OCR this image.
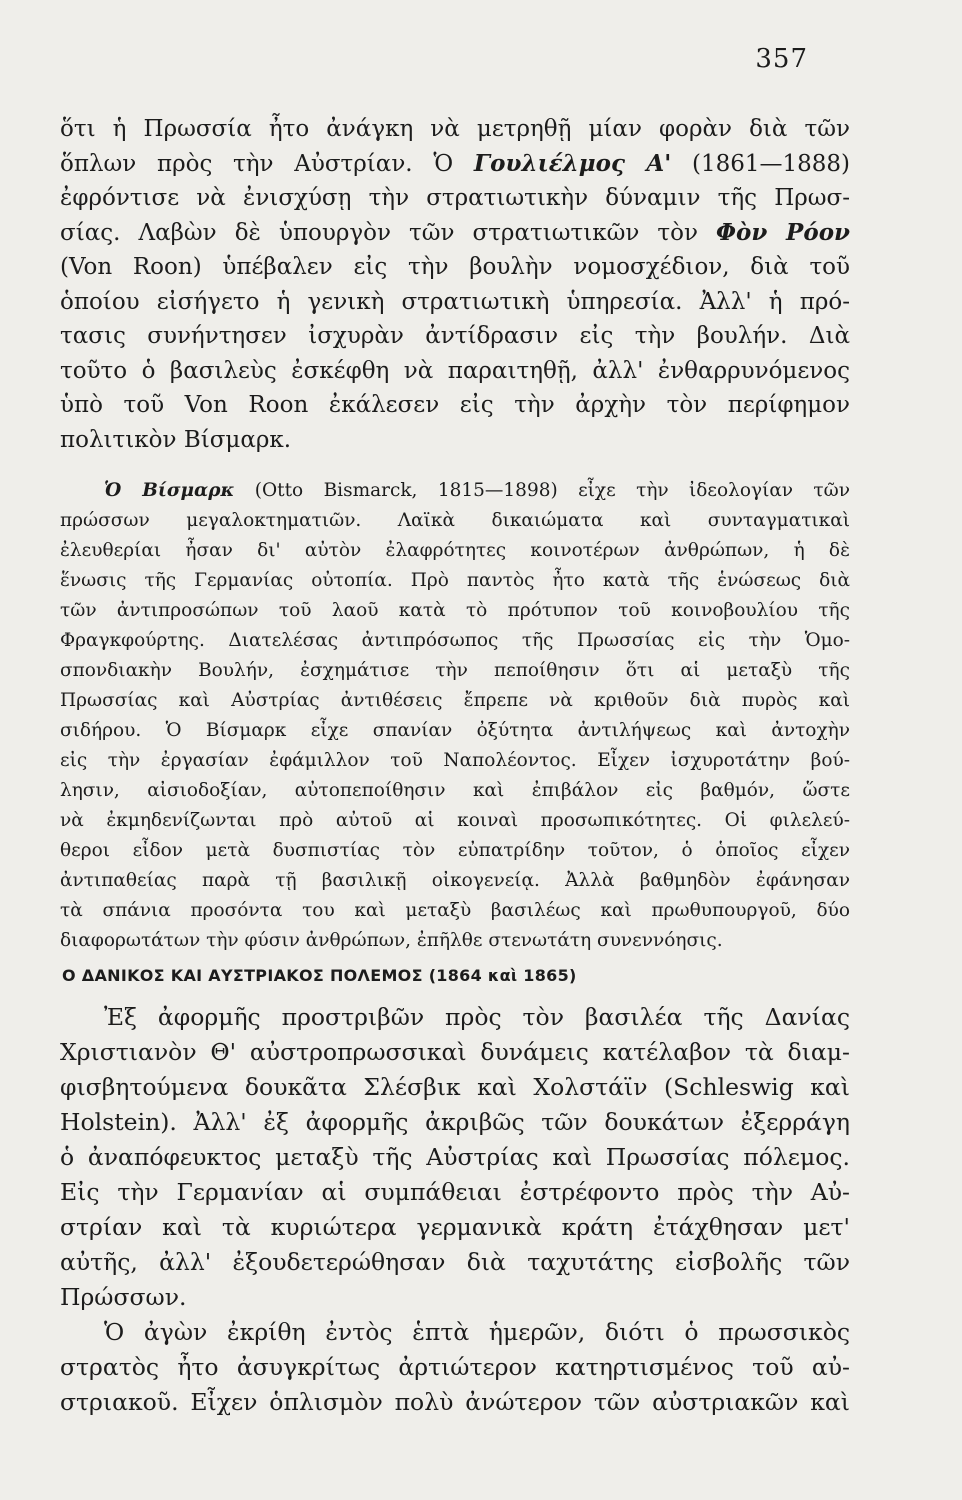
357
ὅτι ἡ Πρωσσία ἦτο ἀνάγκη νὰ μετρηθῇ μίαν φορὰν διὰ τῶν
ὅπλων πρὸς τὴν Αὐστρίαν. Ὁ Γουλιέλμος Α' (1861—1888)
ἐφρόντισε νὰ ἐνισχύσῃ τὴν στρατιωτικὴν δύναμιν τῆς Πρωσ-
σίας. Λαβὼν δὲ ὑπουργὸν τῶν στρατιωτικῶν τὸν Φὸν Ρόον
(Von Roon) ὑπέβαλεν εἰς τὴν βουλὴν νομοσχέδιον, διὰ τοῦ
ὁποίου εἰσήγετο ἡ γενικὴ στρατιωτικὴ ὑπηρεσία. Ἀλλ' ἡ πρό-
τασις συνήντησεν ἰσχυρὰν ἀντίδρασιν εἰς τὴν βουλήν. Διὰ
τοῦτο ὁ βασιλεὺς ἐσκέφθη νὰ παραιτηθῇ, ἀλλ' ἐνθαρρυνόμενος
ὑπὸ τοῦ Von Roon ἐκάλεσεν εἰς τὴν ἀρχὴν τὸν περίφημον
πολιτικὸν Βίσμαρκ.
Ὁ Βίσμαρκ (Otto Bismarck, 1815—1898) εἶχε τὴν ἰδεολογίαν τῶν
πρώσσων μεγαλοκτηματιῶν. Λαϊκὰ δικαιώματα καὶ συνταγματικαὶ
ἐλευθερίαι ἦσαν δι' αὐτὸν ἐλαφρότητες κοινοτέρων ἀνθρώπων, ἡ δὲ
ἕνωσις τῆς Γερμανίας οὐτοπία. Πρὸ παντὸς ἦτο κατὰ τῆς ἑνώσεως διὰ
τῶν ἀντιπροσώπων τοῦ λαοῦ κατὰ τὸ πρότυπον τοῦ κοινοβουλίου τῆς
Φραγκφούρτης. Διατελέσας ἀντιπρόσωπος τῆς Πρωσσίας εἰς τὴν Ὁμο-
σπονδιακὴν Βουλήν, ἐσχημάτισε τὴν πεποίθησιν ὅτι αἱ μεταξὺ τῆς
Πρωσσίας καὶ Αὐστρίας ἀντιθέσεις ἔπρεπε νὰ κριθοῦν διὰ πυρὸς καὶ
σιδήρου. Ὁ Βίσμαρκ εἶχε σπανίαν ὀξύτητα ἀντιλήψεως καὶ ἀντοχὴν
εἰς τὴν ἐργασίαν ἐφάμιλλον τοῦ Ναπολέοντος. Εἶχεν ἰσχυροτάτην βού-
λησιν, αἰσιοδοξίαν, αὐτοπεποίθησιν καὶ ἐπιβάλον εἰς βαθμόν, ὥστε
νὰ ἐκμηδενίζωνται πρὸ αὐτοῦ αἱ κοιναὶ προσωπικότητες. Οἱ φιλελεύ-
θεροι εἶδον μετὰ δυσπιστίας τὸν εὐπατρίδην τοῦτον, ὁ ὁποῖος εἶχεν
ἀντιπαθείας παρὰ τῇ βασιλικῇ οἰκογενείᾳ. Ἀλλὰ βαθμηδὸν ἐφάνησαν
τὰ σπάνια προσόντα του καὶ μεταξὺ βασιλέως καὶ πρωθυπουργοῦ, δύο
διαφορωτάτων τὴν φύσιν ἀνθρώπων, ἐπῆλθε στενωτάτη συνεννόησις.
Ο ΔΑΝΙΚΟΣ ΚΑΙ ΑΥΣΤΡΙΑΚΟΣ ΠΟΛΕΜΟΣ (1864 καὶ 1865)
Ἐξ ἀφορμῆς προστριβῶν πρὸς τὸν βασιλέα τῆς Δανίας
Χριστιανὸν Θ' αὐστροπρωσσικαὶ δυνάμεις κατέλαβον τὰ διαμ-
φισβητούμενα δουκᾶτα Σλέσβικ καὶ Χολστάϊν (Schleswig καὶ
Holstein). Ἀλλ' ἐξ ἀφορμῆς ἀκριβῶς τῶν δουκάτων ἐξερράγη
ὁ ἀναπόφευκτος μεταξὺ τῆς Αὐστρίας καὶ Πρωσσίας πόλεμος.
Εἰς τὴν Γερμανίαν αἱ συμπάθειαι ἐστρέφοντο πρὸς τὴν Αὐ-
στρίαν καὶ τὰ κυριώτερα γερμανικὰ κράτη ἐτάχθησαν μετ'
αὐτῆς, ἀλλ' ἐξουδετερώθησαν διὰ ταχυτάτης εἰσβολῆς τῶν
Πρώσσων.
Ὁ ἀγὼν ἐκρίθη ἐντὸς ἑπτὰ ἡμερῶν, διότι ὁ πρωσσικὸς
στρατὸς ἦτο ἀσυγκρίτως ἀρτιώτερον κατηρτισμένος τοῦ αὐ-
στριακοῦ. Εἶχεν ὁπλισμὸν πολὺ ἀνώτερον τῶν αὐστριακῶν καὶ
